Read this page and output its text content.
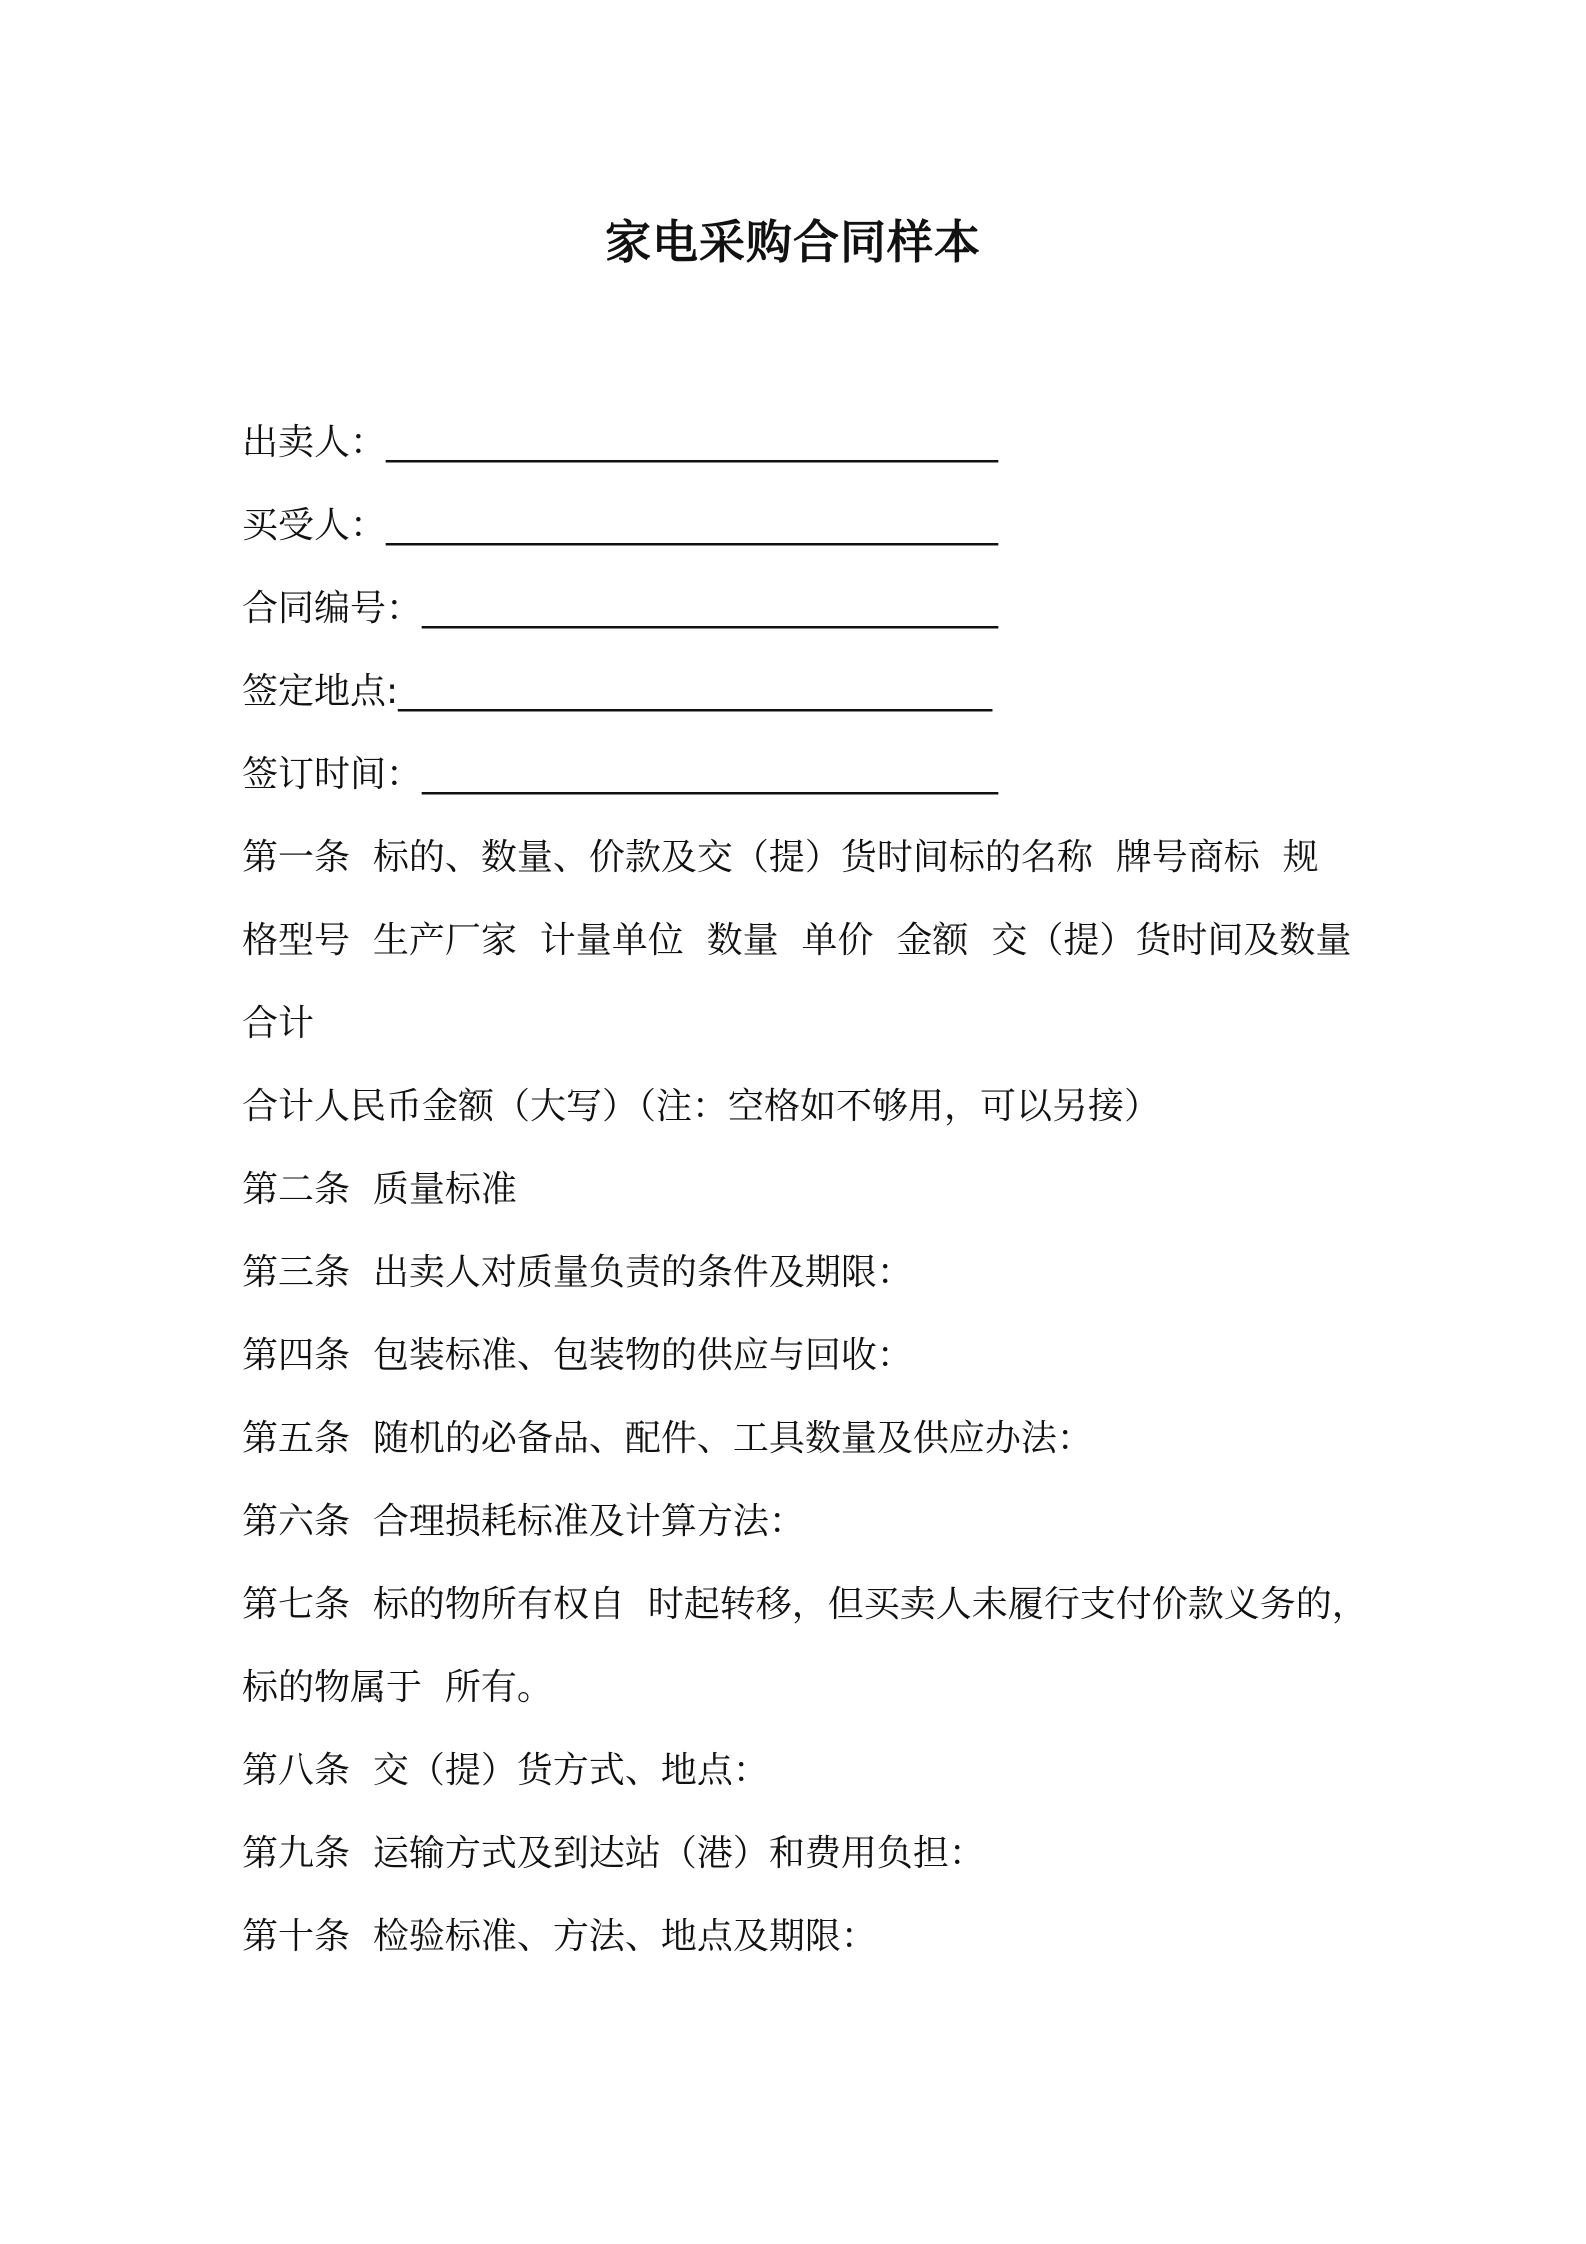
家电采购合同样本
出卖人：__________________________________
买受人：__________________________________
合同编号：________________________________
签定地点:_________________________________
签订时间：________________________________
第一条  标的、数量、价款及交（提）货时间标的名称  牌号商标  规
格型号  生产厂家  计量单位  数量  单价  金额  交（提）货时间及数量
合计
合计人民币金额（大写）（注：空格如不够用，可以另接）
第二条  质量标准
第三条  出卖人对质量负责的条件及期限：
第四条  包装标准、包装物的供应与回收：
第五条  随机的必备品、配件、工具数量及供应办法：
第六条  合理损耗标准及计算方法：
第七条  标的物所有权自  时起转移，但买卖人未履行支付价款义务的，
标的物属于  所有。
第八条  交（提）货方式、地点：
第九条  运输方式及到达站（港）和费用负担：
第十条  检验标准、方法、地点及期限：
